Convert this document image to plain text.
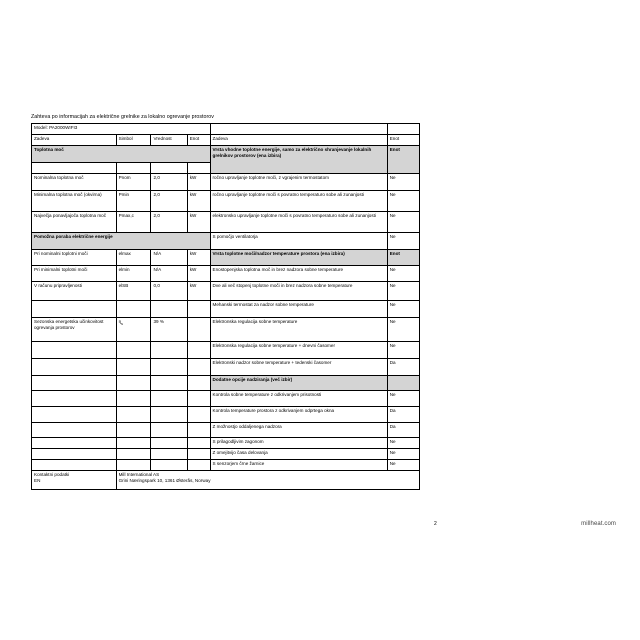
Zahteva po informacijah za električne grelnike za lokalno ogrevanje prostorov
Model: PA2000WIFI3					
Zadeva	Simbol	Vrednost	Enot	Zadeva	Enot
Toplotna moč				Vrsta vhodne toplotne energije, samo za električno shranjevanje lokalnih grelnikov prostorov (ena izbira)	Enot

Nominalna toplotna moč	Pnom	2,0	kW	ročno upravljanje toplotne moči, z vgrajenim termostatom	Ne
Minimalna toplotna moč (okvirna)	Pmin	2,0	kW	ročno upravljanje toplotne moči s povratno temperaturo sobe ali zunanjosti	Ne
Največja ponavljajoča toplotna moč	Pmax,c	2,0	kW	elektronsko upravljanje toplotne moči s povratno temperaturo sobe ali zunanjosti	Ne
Pomožna poraba električne energije				S pomočjo ventilatorja	Ne
Pri nominalni toplotni moči	elmax	N/A	kW	Vrsta toplotne moči/nadzor temperature prostora (ena izbira)	Enot
Pri minimalni toplotni moči	elmin	N/A	kW	Enostopenjska toplotna moč in brez nadzora sobne temperature	Ne
V računu pripravljenosti	elSB	0,0	kW	Dve ali več stopenj toplotne moči in brez nadzora sobne temperature	Ne
				Mehanski termostat za nadzor sobne temperature	Ne
Sezonska energetska učinkovitost ogrevanja prostorov	$\eta_s$	39 %		Elektronska regulacija sobne temperature	Ne
				Elektronska regulacija sobne temperature + dnevni časomer	Ne
				Elektronski nadzor sobne temperature + tedenski časomer	Da
				Dodatne opcije nadziranja (več izbir)	
				Kontrola sobne temperature z odkrivanjem prisotnosti	Ne
				Kontrola temperature prostora z odkrivanjem odprtega okna	Da
				Z možnostjo oddaljenega nadzora	Da
				S prilagodljivim zagonom	Ne
				Z omejitvijo časa delovanja	Ne
				S senzorjem črne žarnice	Ne
Kontaktni podatki
EN	Mill International AS
Grini Næringspark 10, 1361 Østerås, Norway				
2	millheat.com
